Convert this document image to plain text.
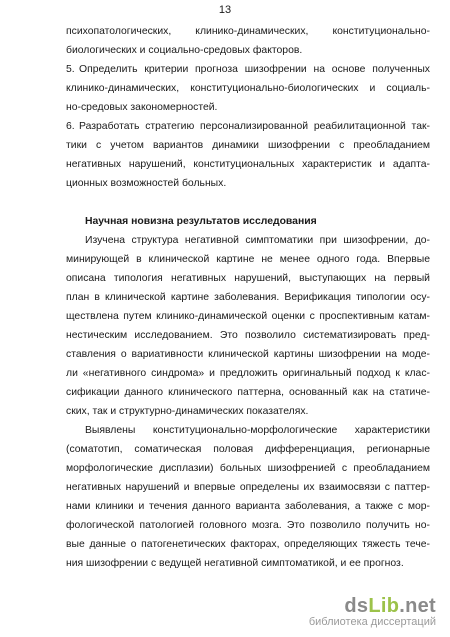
13
психопатологических, клинико-динамических, конституционально-
биологических и социально-средовых факторов.
5. Определить критерии прогноза шизофрении на основе полученных
клинико-динамических, конституционально-биологических и социаль-
но-средовых закономерностей.
6. Разработать стратегию персонализированной реабилитационной так-
тики с учетом вариантов динамики шизофрении с преобладанием
негативных нарушений, конституциональных характеристик и адапта-
ционных возможностей больных.
Научная новизна результатов исследования
Изучена структура негативной симптоматики при шизофрении, до-
минирующей в клинической картине не менее одного года. Впервые
описана типология негативных нарушений, выступающих на первый
план в клинической картине заболевания. Верификация типологии осу-
ществлена путем клинико-динамической оценки с проспективным катам-
нестическим исследованием. Это позволило систематизировать пред-
ставления о вариативности клинической картины шизофрении на моде-
ли «негативного синдрома» и предложить оригинальный подход к клас-
сификации данного клинического паттерна, основанный как на статиче-
ских, так и структурно-динамических показателях.
Выявлены конституционально-морфологические характеристики
(соматотип, соматическая половая дифференциация, регионарные
морфологические дисплазии) больных шизофренией с преобладанием
негативных нарушений и впервые определены их взаимосвязи с паттер-
нами клиники и течения данного варианта заболевания, а также с мор-
фологической патологией головного мозга. Это позволило получить но-
вые данные о патогенетических факторах, определяющих тяжесть тече-
ния шизофрении с ведущей негативной симптоматикой, и ее прогноз.
dsLib.net
библиотека диссертаций
